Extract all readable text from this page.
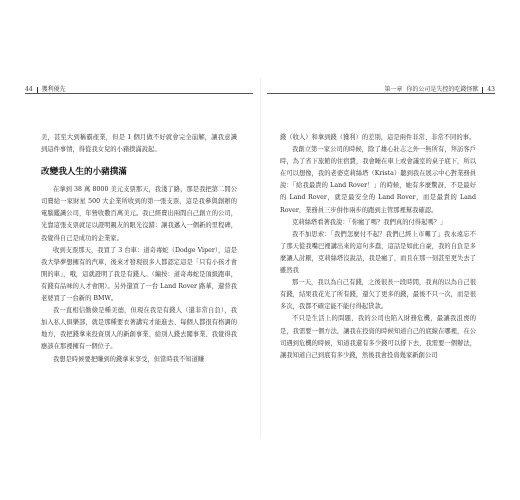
44 獲利優先	第一章 你的公司是失控的吃錢怪獸 43

美，甚至大到稱霸產業，但是 1 個月做不好就會完全崩解，讓我意識到這件事情，得從我女兒的小豬撲滿說起。

改變我人生的小豬撲滿

在拿到 38 萬 8000 美元支票那天，我淺了路，那是我把第二間公司賣給一家財星 500 大企業所收到的第一張支票，這是我參與創辦的電腦鑑識公司，年營收數百萬美元。我已經賣出兩間自己創立的公司，光靠這張支票就足以證明親友的眼光沒錯：讓我邁入一個新的里程碑，我覺得自己是成功的企業家。

收到支票那天，我買了 3 台車：道奇毒蛇（Dodge Viper），這是我大學夢想擁有的汽車，後來才發現很多人都認定這是「只有小孩才會開的車」，哦，這就證明了我是有錢人。（編按：道奇毒蛇是頂級跑車，有錢有品味的人才會開）。另外還買了一台 Land Rover 路華，還替我老婆買了一台新的 BMW。

我一直相信勤儉是種美德，但現在我是有錢人（還非常自負），我加入私人俱樂部，就是那種要衣著講究才能進去、每個人都很有格調的地方，我把錢拿來投資別人的新創事業、給別人錢去闖事業、我覺得我應該在那裡擁有一個位子。

我想是時候要把賺到的錢拿來享受，但當時我不知道賺

錢（收入）和拿到錢（獲利）的差別，這是兩件非常、非常不同的事。

我創立第一家公司的時候，除了雄心壯志之外一無所有，拜訪客戶時，為了省下旅館的住宿費，我會睡在車上或會議室的桌子底下，所以在可以想像，我的老婆克莉絲塔（Krista）聽到我在展示中心對業務員說：「給我最貴的 Land Rover！」的時候，她有多麼驚訝，不是最好的 Land Rover，就是最安全的 Land Rover，而是最貴的 Land Rover，業務員三步併作兩步的跑到主管那裡幫我確認。

克莉絲塔看著我說：「你瘋了嗎？我們真的付得起嗎？」

我不加思索：「我們怎麼付不起？我們已經上市囉了」我永遠忘不了那天從我嘴巴裡講出來的這句多蠢，這話是如此自豪，我的自負是多麼讓人討厭，克莉絲塔沒說話，我是瘋了，而且在那一刻甚至更失去了雖然我

那一天，我以為自己有錢，之後很長一段時間，我真的以為自己很有錢，結果我花光了所有錢，還欠了更多的錢，最後不只一次，而是很多次，我都不確定能不能付得起貸款。

不只是生活上的問題，我的公司也陷入財務危機，最讓我沮喪的是，我需要一個方法，讓我在投資的時候知道自己的底線在哪裡，在公司遇到危機的時候，知道我還有多少錢可以撐下去，我需要一個辦法，讓我知道自己到底有多少錢，然後我會投資幾家新創公司
